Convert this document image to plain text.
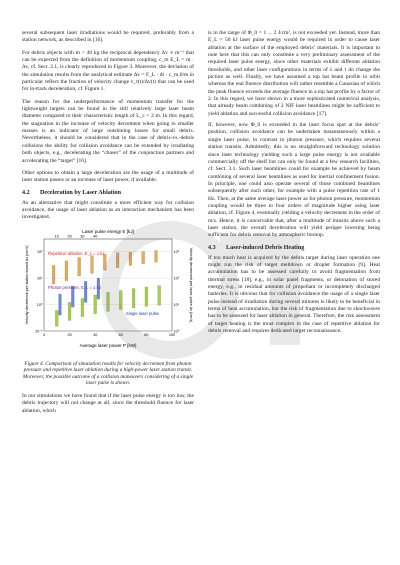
several subsequent laser irradiations would be required, preferably from a station network, as described in [16].

For debris objects with m > 40 kg the reciprocal dependency Δv ∝ m⁻¹ that can be expected from the definition of momentum coupling, c_m E_L = m · Δv, cf. Sect. 2.1, is clearly reproduced in Figure 3. Moreover, the deviation of the simulation results from the analytical estimate Δv = F_L · dt · c_m,0/m in particular reflect the fraction of velocity change v_t(t)/Δv(t) that can be used for in-track deceleration, cf. Figure 1.

The reason for the underperformance of momentum transfer for the lightweight targets can be found in the still relatively large laser beam diameter compared to their characteristic length of L_c < 2 m. In this regard, the stagnation in the increase of velocity decrement when going to smaller masses is an indicator of large outshining losses for small debris. Nevertheless, it should be considered that in the case of debris-vs.-debris collisions the ability for collision avoidance can be extended by irradiating both objects, e.g., decelerating the “chaser” of the conjunction partners and accelerating the “target” [16].

Other options to obtain a large deceleration are the usage of a multitude of laser station passes or an increase of laser power, if available.

4.2 Deceleration by Laser Ablation

As an alternative that might constitute a more efficient way for collision avoidance, the usage of laser ablation as an interaction mechanism has been investigated.

Laser pulse energy E [kJ]
10 20 30 40
10⁻¹
10⁰
10¹
10²
10⁰
10¹
10²
10³
0	20	40	60	80	100
Repetitive ablation, E_L = 1 kJ
Photon pressure, E_L = 1 kJ
Single laser pulse
Average laser power P [kW]
Velocity decrement per station transit Δv [cm/s]	Velocity decrement per laser pulse Δv [cm/s]

Figure 4. Comparison of simulation results for velocity decrement from photon pressure and repetitive laser ablation during a high-power laser station transit. Moreover, the possible outcome of a collision maneuvers considering of a single laser pulse is shown.

In our simulations we have found that if the laser pulse energy is too low, the debris trajectory will not change at all, since the threshold fluence for laser ablation, which

is in the range of Φ_0 = 1 ... 2 J/cm², is not exceeded yet. Instead, more than E_L = 50 kJ laser pulse energy would be required in order to cause laser ablation at the surface of the employed debris’ materials. It is important to note here that this can only constitute a very preliminary assessment of the required laser pulse energy, since other materials exhibit different ablation thresholds, and other laser configurations in terms of λ and τ do change the picture as well. Finally, we have assumed a top hat beam profile in orbit whereas the real fluence distribution will rather resemble a Gaussian of which the peak fluence exceeds the average fluence in a top hat profile by a factor of 2. In this regard, we have shown in a more sophisticated numerical analysis, that already beam combining of 2 NIF laser beamlines might be sufficient to yield ablation and successful collision avoidance [17].

If, however, now Φ_0 is exceeded in the laser focus spot at the debris’ position, collision avoidance can be undertaken instantaneously within a single laser pulse, in contrast to photon pressure, which requires several station transits. Admittedly, this is no straightforward technology solution since laser technology yielding such a large pulse energy is not available commercially off the shelf but can only be found at a few research facilities, cf. Sect. 3.1. Such laser beamlines could for example be achieved by beam combining of several laser beamlines as used for inertial confinement fusion. In principle, one could also operate several of those combined beamlines subsequently after each other, for example with a pulse repetition rate of 1 Hz. Then, at the same average laser power as for photon pressure, momentum coupling would be three to four orders of magnitude higher using laser ablation, cf. Figure 4, eventually yielding a velocity decrement in the order of m/s. Hence, it is conceivable that, after a multitude of transits above such a laser station, the overall deceleration will yield perigee lowering being sufficient for debris removal by atmospheric burnup.

4.3 Laser-induced Debris Heating

If too much heat is acquired by the debris target during laser operation one might run the risk of target meltdown or droplet formation [9]. Heat accumulation has to be assessed carefully to avoid fragmentation from thermal stress [18], e.g., in solar panel fragments, or detonation of stored energy, e.g., in residual amounts of propellant or incompletely discharged batteries. It is obvious that for collision avoidance the usage of a single laser pulse instead of irradiation during several minutes is likely to be beneficial in terms of heat accumulation, but the risk of fragmentation due to shockwaves has to be assessed for laser ablation in general. Therefore, the risk assessment of target heating is the most complex in the case of repetitive ablation for debris removal and requires dedicated target reconnaissance.
